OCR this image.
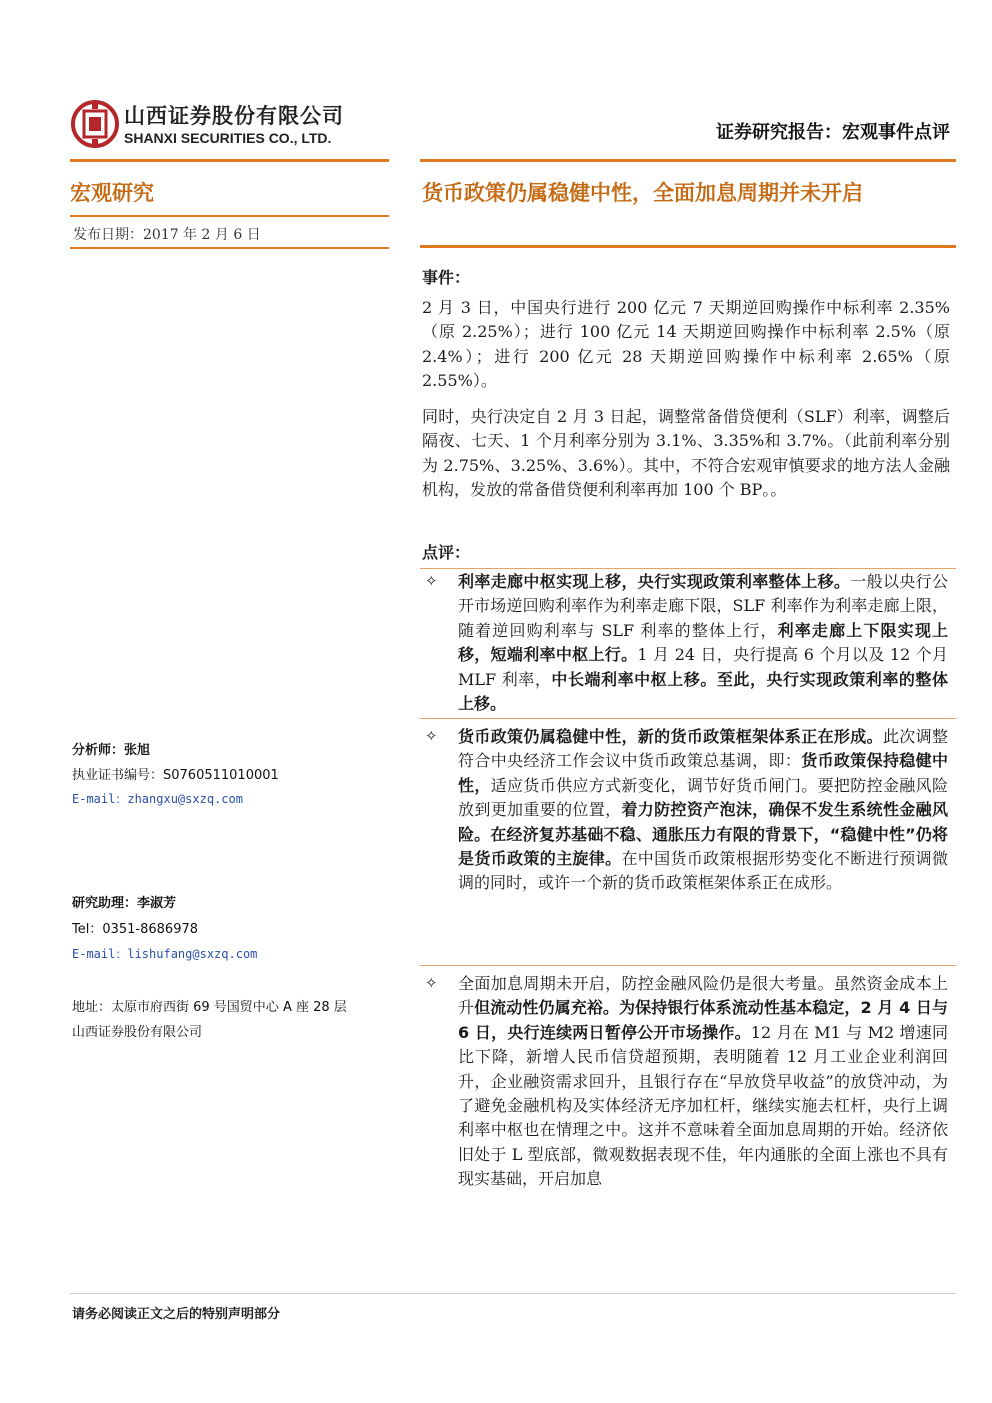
山西证券股份有限公司
SHANXI SECURITIES CO., LTD.	证券研究报告：宏观事件点评
宏观研究	货币政策仍属稳健中性，全面加息周期并未开启
发布日期：2017 年 2 月 6 日
分析师：张旭
执业证书编号：S0760511010001
E-mail：zhangxu@sxzq.com
研究助理：李淑芳
Tel：0351-8686978
E-mail：lishufang@sxzq.com
地址：太原市府西街 69 号国贸中心 A 座 28 层
山西证券股份有限公司
事件：

2 月 3 日，中国央行进行 200 亿元 7 天期逆回购操作中标利率 2.35%（原 2.25%）；进行 100 亿元 14 天期逆回购操作中标利率 2.5%（原 2.4%）；进行 200 亿元 28 天期逆回购操作中标利率 2.65%（原 2.55%）。

同时，央行决定自 2 月 3 日起，调整常备借贷便利（SLF）利率，调整后隔夜、七天、1 个月利率分别为 3.1%、3.35%和 3.7%。（此前利率分别为 2.75%、3.25%、3.6%）。其中，不符合宏观审慎要求的地方法人金融机构，发放的常备借贷便利利率再加 100 个 BP。。

点评：
✧	利率走廊中枢实现上移，央行实现政策利率整体上移。一般以央行公开市场逆回购利率作为利率走廊下限，SLF 利率作为利率走廊上限，随着逆回购利率与 SLF 利率的整体上行，利率走廊上下限实现上移，短端利率中枢上行。1 月 24 日，央行提高 6 个月以及 12 个月 MLF 利率，中长端利率中枢上移。至此，央行实现政策利率的整体上移。

✧	货币政策仍属稳健中性，新的货币政策框架体系正在形成。此次调整符合中央经济工作会议中货币政策总基调，即：货币政策保持稳健中性，适应货币供应方式新变化，调节好货币闸门。要把防控金融风险放到更加重要的位置，着力防控资产泡沫，确保不发生系统性金融风险。在经济复苏基础不稳、通胀压力有限的背景下，“稳健中性”仍将是货币政策的主旋律。在中国货币政策根据形势变化不断进行预调微调的同时，或许一个新的货币政策框架体系正在成形。

✧	全面加息周期未开启，防控金融风险仍是很大考量。虽然资金成本上升但流动性仍属充裕。为保持银行体系流动性基本稳定，2 月 4 日与 6 日，央行连续两日暂停公开市场操作。12 月在 M1 与 M2 增速同比下降，新增人民币信贷超预期，表明随着 12 月工业企业利润回升，企业融资需求回升，且银行存在“早放贷早收益”的放贷冲动，为了避免金融机构及实体经济无序加杠杆，继续实施去杠杆，央行上调利率中枢也在情理之中。这并不意味着全面加息周期的开始。经济依旧处于 L 型底部，微观数据表现不佳，年内通胀的全面上涨也不具有现实基础，开启加息

请务必阅读正文之后的特别声明部分
